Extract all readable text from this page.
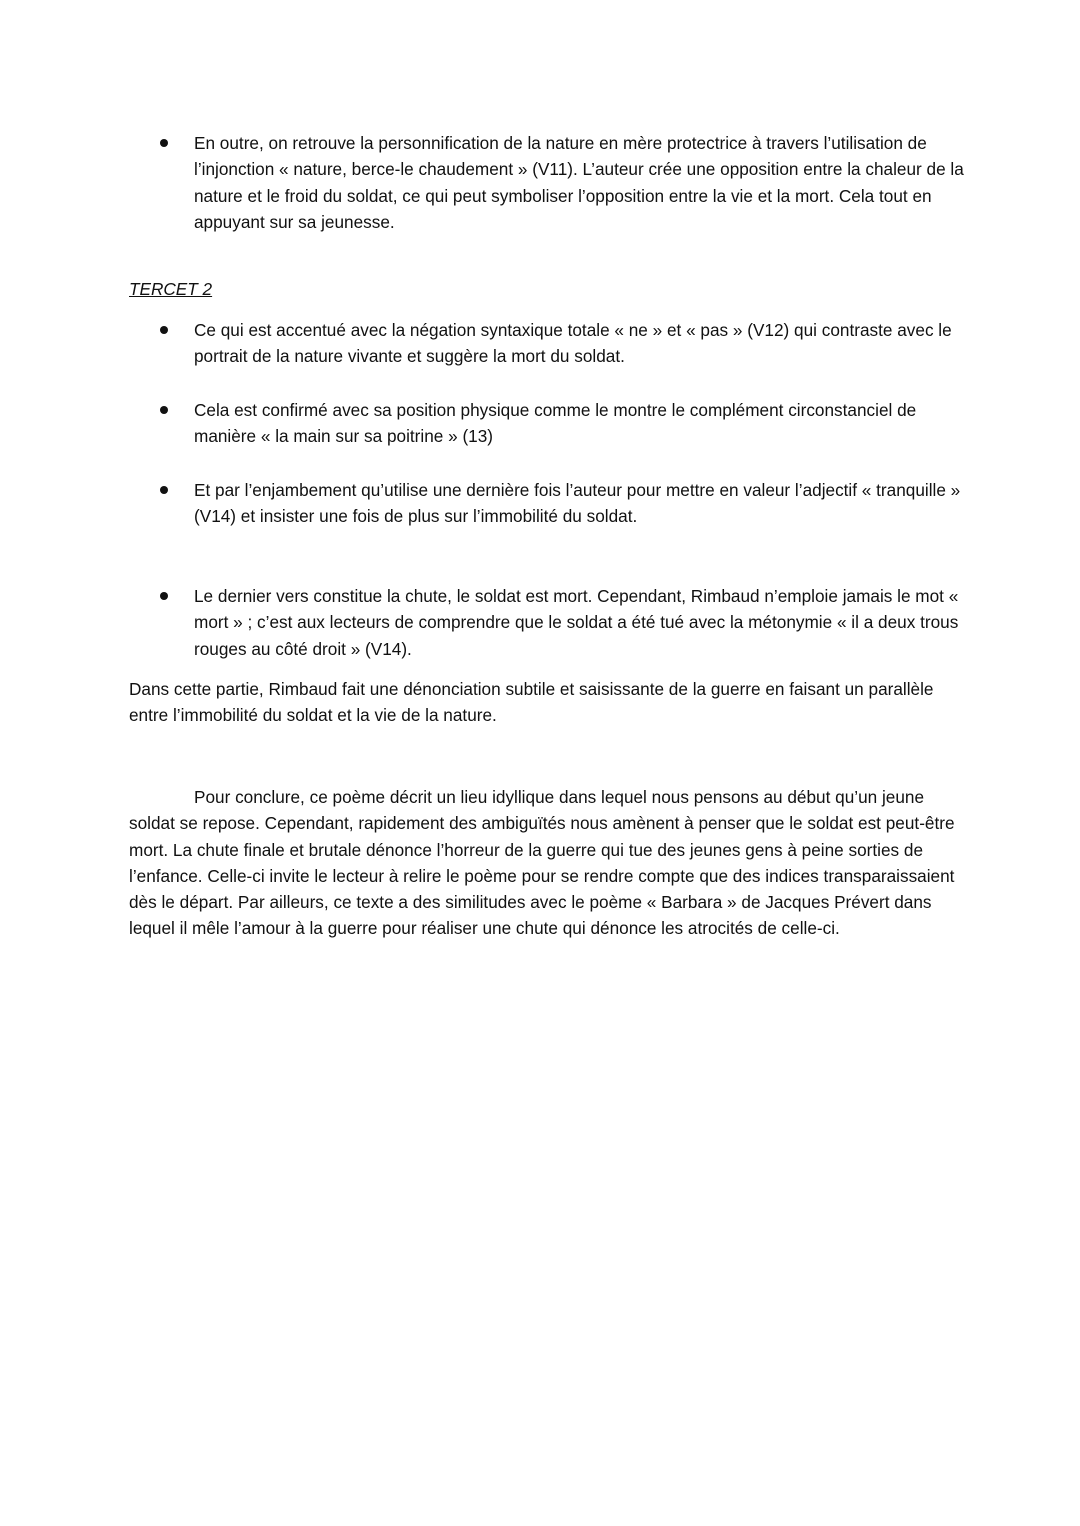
En outre, on retrouve la personnification de la nature en mère protectrice à travers l’utilisation de l’injonction « nature, berce-le chaudement » (V11). L’auteur crée une opposition entre la chaleur de la nature et le froid du soldat, ce qui peut symboliser l’opposition entre la vie et la mort. Cela tout en appuyant sur sa jeunesse.
TERCET 2
Ce qui est accentué avec la négation syntaxique totale « ne » et « pas » (V12) qui contraste avec le portrait de la nature vivante et suggère la mort du soldat.
Cela est confirmé avec sa position physique comme le montre le complément circonstanciel de manière « la main sur sa poitrine » (13)
Et par l’enjambement qu’utilise une dernière fois l’auteur pour mettre en valeur l’adjectif « tranquille » (V14) et insister une fois de plus sur l’immobilité du soldat.
Le dernier vers constitue la chute, le soldat est mort. Cependant, Rimbaud n’emploie jamais le mot « mort » ; c’est aux lecteurs de comprendre que le soldat a été tué avec la métonymie « il a deux trous rouges au côté droit » (V14).
Dans cette partie, Rimbaud fait une dénonciation subtile et saisissante de la guerre en faisant un parallèle entre l’immobilité du soldat et la vie de la nature.
Pour conclure, ce poème décrit un lieu idyllique dans lequel nous pensons au début qu’un jeune soldat se repose. Cependant, rapidement des ambiguïtés nous amènent à penser que le soldat est peut-être mort. La chute finale et brutale dénonce l’horreur de la guerre qui tue des jeunes gens à peine sorties de l’enfance. Celle-ci invite le lecteur à relire le poème pour se rendre compte que des indices transparaissaient dès le départ. Par ailleurs, ce texte a des similitudes avec le poème « Barbara » de Jacques Prévert dans lequel il mêle l’amour à la guerre pour réaliser une chute qui dénonce les atrocités de celle-ci.
